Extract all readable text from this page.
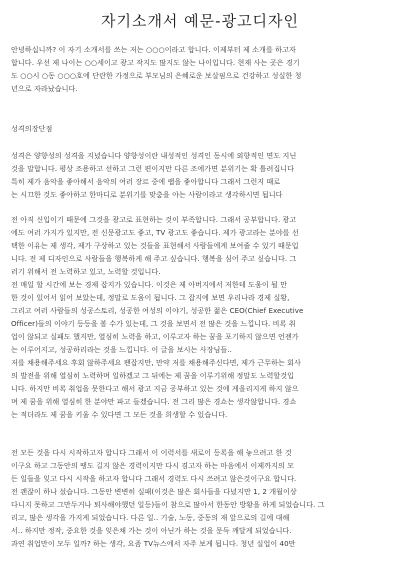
자기소개서 예문-광고디자인

안녕하십니까? 이 자기 소개서를 쓰는 저는 ○○○이라고 합니다. 이제부터 제 소개를 하고자

합니다. 우선 제 나이는 ○○세이고 광고 작지도 많지도 않는 나이입니다. 현재 사는 곳은 경기

도 ○○시 ○동 ○○○호에 단란한 가정으로 부모님의 은혜로운 보살핌으로 건강하고 성실한 청

년으로 자라났습니다.

성격의장단점

성격은 양향성의 성격을 지녔습니다 양향성이란 내성적인 성격인 동시에 외향적인 면도 지닌

것을 말합니다. 평상 조용하고 선하고 그런 편이지만 다른 조에가면 분위기는 확 틀려집니다

특히 제가 음악을 좋아해서 음악의 여러 장르 중에 랩을 좋아합니다 그래서 그런지 때로

는 시끄한 것도 좋아하고 한마디로 분위기를 맞춤을 아는 사람이라고 생각하시면 됩니다

전 아직 신입이기 때문에 그것을 광고로 표현하는 것이 부족합니다. 그래서 공부합니다. 광고

에도 여러 가지가 있지만, 전 신문광고도 좋고, TV 광고도 좋습니다. 제가 광고라는 분야를 선

택한 이유는 제 생각, 제가 구상하고 있는 것들을 표현해서 사람들에게 보여줄 수 있기 때문입

니다. 전 제 디자인으로 사람들을 행복하게 해 주고 싶습니다. 행복을 심어 주고 싶습니다. 그

러기 위해서 전 노력하고 있고, 노력할 것입니다.

전 매일 할 시간에 보는 경제 잡지가 있습니다. 이것은 제 아버지에서 저한테 도움이 될 만

한 것이 있어서 읽어 보았는데, 정말로 도움이 됩니다. 그 잡지에 보면 우리나라 경제 실황,

그리고 여러 사람들의 성공스토리, 성공한 여성의 이야기, 성공한 젊은 CEO(Chief Executive

Officer)들의 이야기 등등을 볼 수가 있는데, 그 것을 보면서 전 많은 것을 느낍니다. 비록 취

업이 않되고 실패도 했지만, 열심히 노력을 하고, 이루고자 하는 꿈을 포기하지 않으면 언젠가

는 이루어지고, 성공하리라는 것을 느낍니다. 이 글을 보시는 사장님들..

저를 채용해주세요 후회 않하주세요 팬잡지만, 만약 저를 채용해주신다면, 제가 근무하는 회사

의 발전을 위해 열심히 노력하며 일하겠고 그 뒤에는 제 꿈을 이루기위해 정말도 노력할것입

니다. 하지만 비록 취업을 못한다고 해서 광고 지금 공부하고 있는 것에 게을리지게 하지 않으

며 제 꿈을 위해 열심히 한 분야만 파고 들겠습니다. 전 그리 많은 경쇼는 생각않합니다. 경쇼

는 적더라도 제 꿈을 키울 수 있다면 그 모든 것을 희생할 수 있습니다.

전 모든 것을 다시 시작하고자 합니다 그래서 이 이력서를 새로이 등록을 해 놓으려고 한 것

이구요 하고 그동안의 땡도 길지 않은 경력이지만 다시 겸고자 하는 마음에서 이제까지의 모

든 일들을 잊고 다시 시작을 하고자 합니다 그래서 경력도 다시 쓰려고 않은것이구요 합니다.

전 괜잖이 하나 섰습니다. 그동안 변변히 실패(이것은 많은 회사들을 다녔지만 1, 2 개월이상

다니지 못하고 그만두거나 퇴사해야했던 일등)들이 참으로 많아서 한동안 방황을 하게 되었습니다. 그

리고, 많은 생각을 가지게 되었습니다. 다른 일.. 기술, 노동, 중동의 재 앞으로의 길에 대해

서.. 하지만 정작, 중요한 것을 잊은채 가는 것이 아닌가 하는 것을 문득 깨달게 되었습니다.

과연 취업만이 모두 일까? 하는 생각, 요즘 TV뉴스에서 자주 보게 됩니다. 청년 실업이 40만
